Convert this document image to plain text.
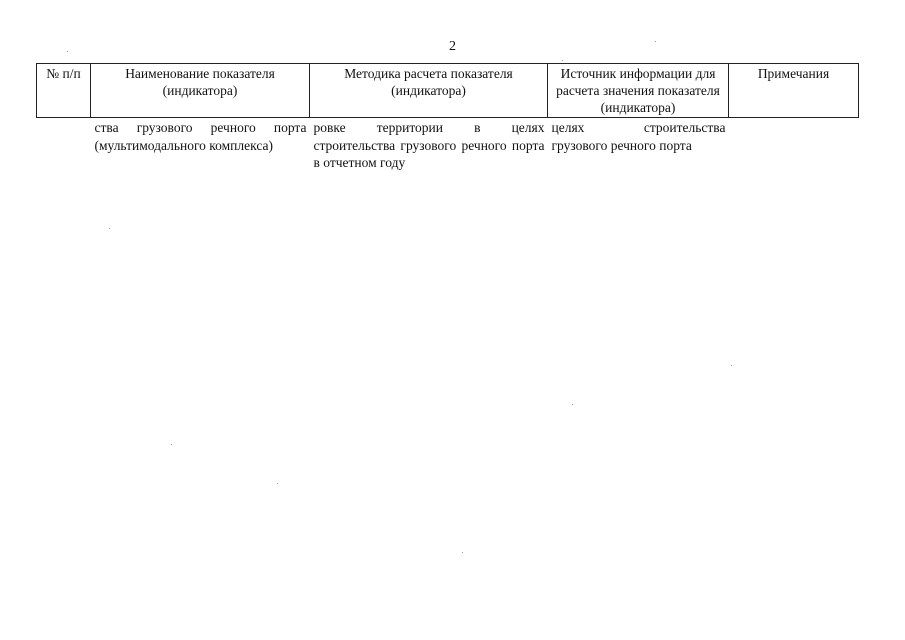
2
№ п/п	Наименование показателя (индикатора)	Методика расчета показателя (индикатора)	Источник информации для расчета значения показателя (индикатора)	Примечания
	ства грузового речного порта (мультимодального комплекса)	ровке территории в целях строительства грузового речного порта в отчетном году	целях строительства грузового речного порта	
